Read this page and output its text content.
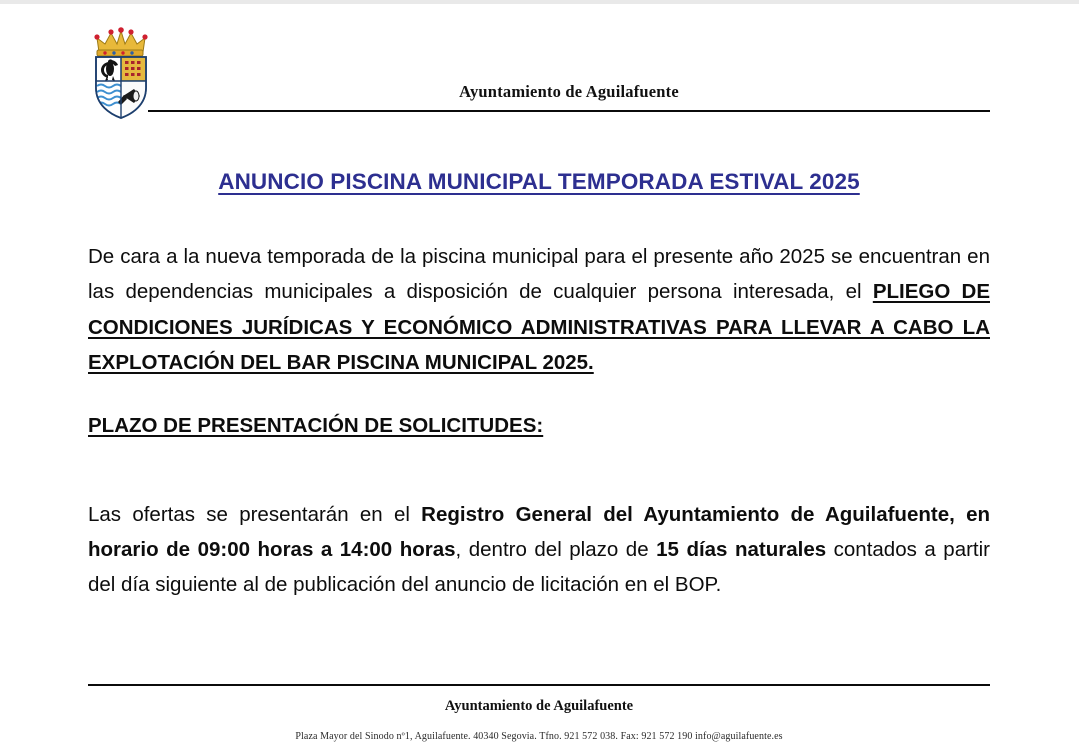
Ayuntamiento de Aguilafuente
ANUNCIO PISCINA MUNICIPAL TEMPORADA ESTIVAL 2025

De cara a la nueva temporada de la piscina municipal para el presente año 2025 se encuentran en las dependencias municipales a disposición de cualquier persona interesada, el PLIEGO DE CONDICIONES JURÍDICAS Y ECONÓMICO ADMINISTRATIVAS PARA LLEVAR A CABO LA EXPLOTACIÓN DEL BAR PISCINA MUNICIPAL 2025.

PLAZO DE PRESENTACIÓN DE SOLICITUDES:

Las ofertas se presentarán en el Registro General del Ayuntamiento de Aguilafuente, en horario de 09:00 horas a 14:00 horas, dentro del plazo de 15 días naturales contados a partir del día siguiente al de publicación del anuncio de licitación en el BOP.

Ayuntamiento de Aguilafuente
Plaza Mayor del Sinodo nº1, Aguilafuente. 40340 Segovia. Tfno. 921 572 038. Fax: 921 572 190 info@aguilafuente.es
